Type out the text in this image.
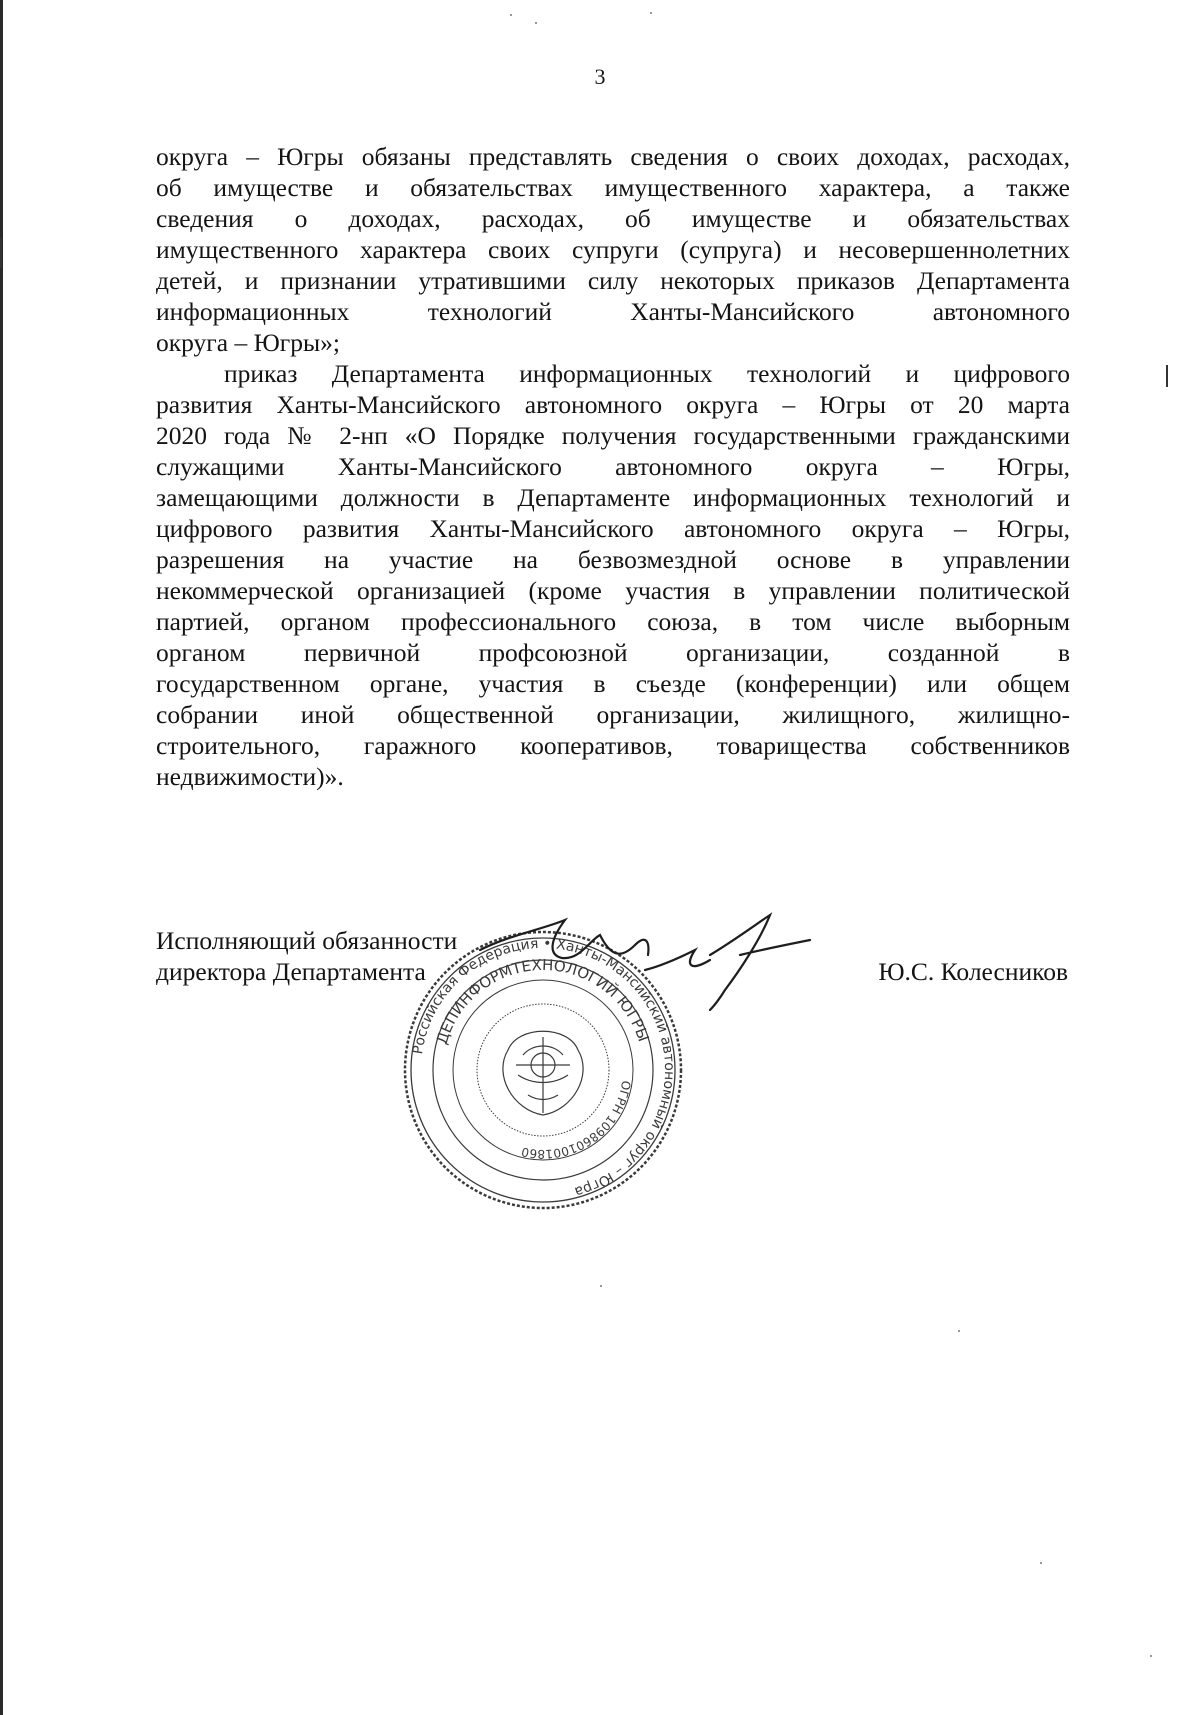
3

округа – Югры обязаны представлять сведения о своих доходах, расходах,

об имуществе и обязательствах имущественного характера, а также

сведения о доходах, расходах, об имуществе и обязательствах

имущественного характера своих супруги (супруга) и несовершеннолетних

детей, и признании утратившими силу некоторых приказов Департамента

информационных технологий Ханты-Мансийского автономного

округа – Югры»;

приказ Департамента информационных технологий и цифрового

развития Ханты-Мансийского автономного округа – Югры от 20 марта

2020 года № 2-нп «О Порядке получения государственными гражданскими

служащими Ханты-Мансийского автономного округа – Югры,

замещающими должности в Департаменте информационных технологий и

цифрового развития Ханты-Мансийского автономного округа – Югры,

разрешения на участие на безвозмездной основе в управлении

некоммерческой организацией (кроме участия в управлении политической

партией, органом профессионального союза, в том числе выборным

органом первичной профсоюзной организации, созданной в

государственном органе, участия в съезде (конференции) или общем

собрании иной общественной организации, жилищного, жилищно-

строительного, гаражного кооперативов, товарищества собственников

недвижимости)».

Исполняющий обязанности
директора Департамента	Ю.С. Колесников
Российская Федерация • Ханты-Мансийский автономный округ – Югра
ДЕПИНФОРМТЕХНОЛОГИЙ ЮГРЫ
ОГРН 1098601001860
